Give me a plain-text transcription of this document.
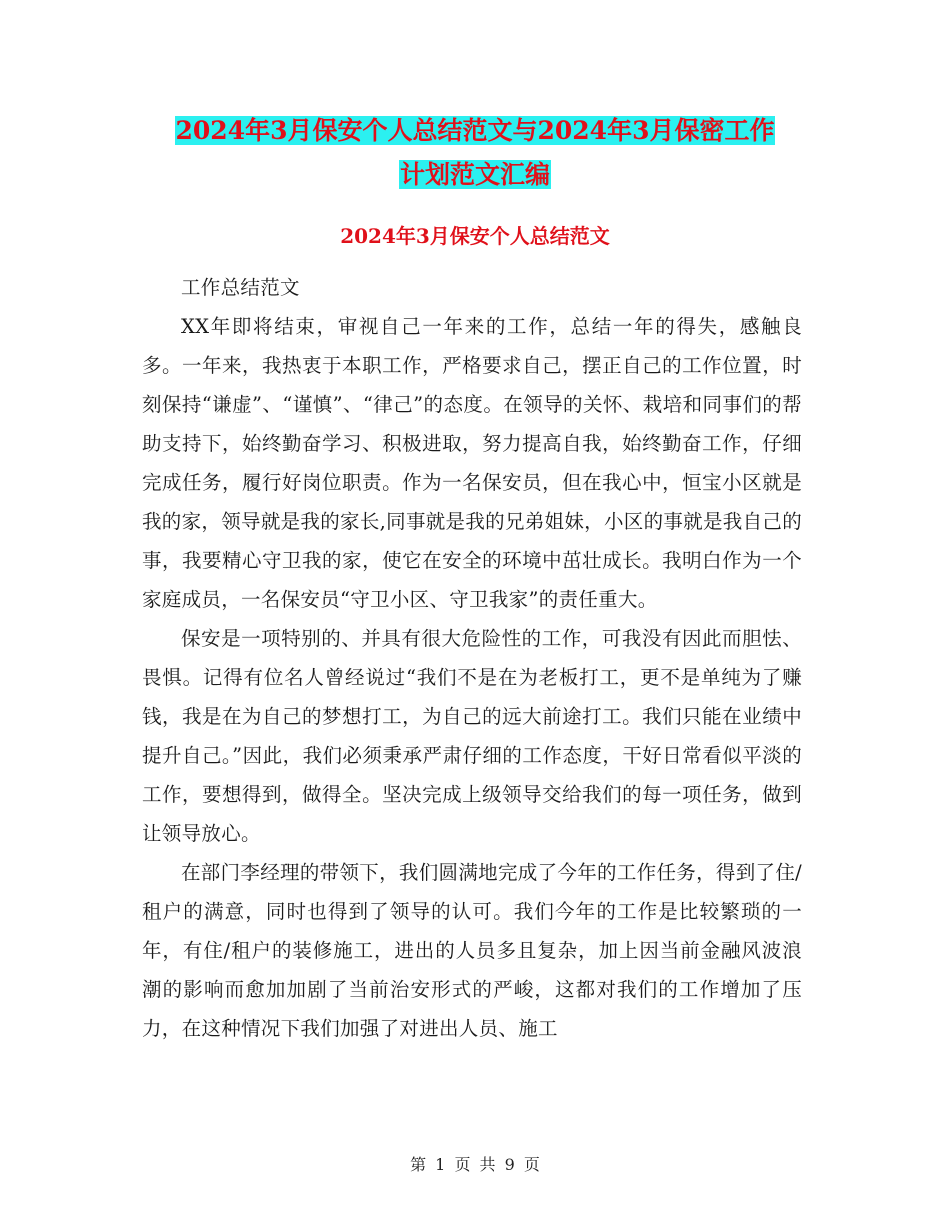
2024年3月保安个人总结范文与2024年3月保密工作
计划范文汇编
2024年3月保安个人总结范文

工作总结范文

XX年即将结束，审视自己一年来的工作，总结一年的得失，感触良多。一年来，我热衷于本职工作，严格要求自己，摆正自己的工作位置，时刻保持“谦虚”、“谨慎”、“律己”的态度。在领导的关怀、栽培和同事们的帮助支持下，始终勤奋学习、积极进取，努力提高自我，始终勤奋工作，仔细完成任务，履行好岗位职责。作为一名保安员，但在我心中，恒宝小区就是我的家，领导就是我的家长,同事就是我的兄弟姐妹，小区的事就是我自己的事，我要精心守卫我的家，使它在安全的环境中茁壮成长。我明白作为一个家庭成员，一名保安员“守卫小区、守卫我家”的责任重大。

保安是一项特别的、并具有很大危险性的工作，可我没有因此而胆怯、畏惧。记得有位名人曾经说过“我们不是在为老板打工，更不是单纯为了赚钱，我是在为自己的梦想打工，为自己的远大前途打工。我们只能在业绩中提升自己。”因此，我们必须秉承严肃仔细的工作态度，干好日常看似平淡的工作，要想得到，做得全。坚决完成上级领导交给我们的每一项任务，做到让领导放心。

在部门李经理的带领下，我们圆满地完成了今年的工作任务，得到了住/租户的满意，同时也得到了领导的认可。我们今年的工作是比较繁琐的一年，有住/租户的装修施工，进出的人员多且复杂，加上因当前金融风波浪潮的影响而愈加加剧了当前治安形式的严峻，这都对我们的工作增加了压力，在这种情况下我们加强了对进出人员、施工

第 1 页 共 9 页
